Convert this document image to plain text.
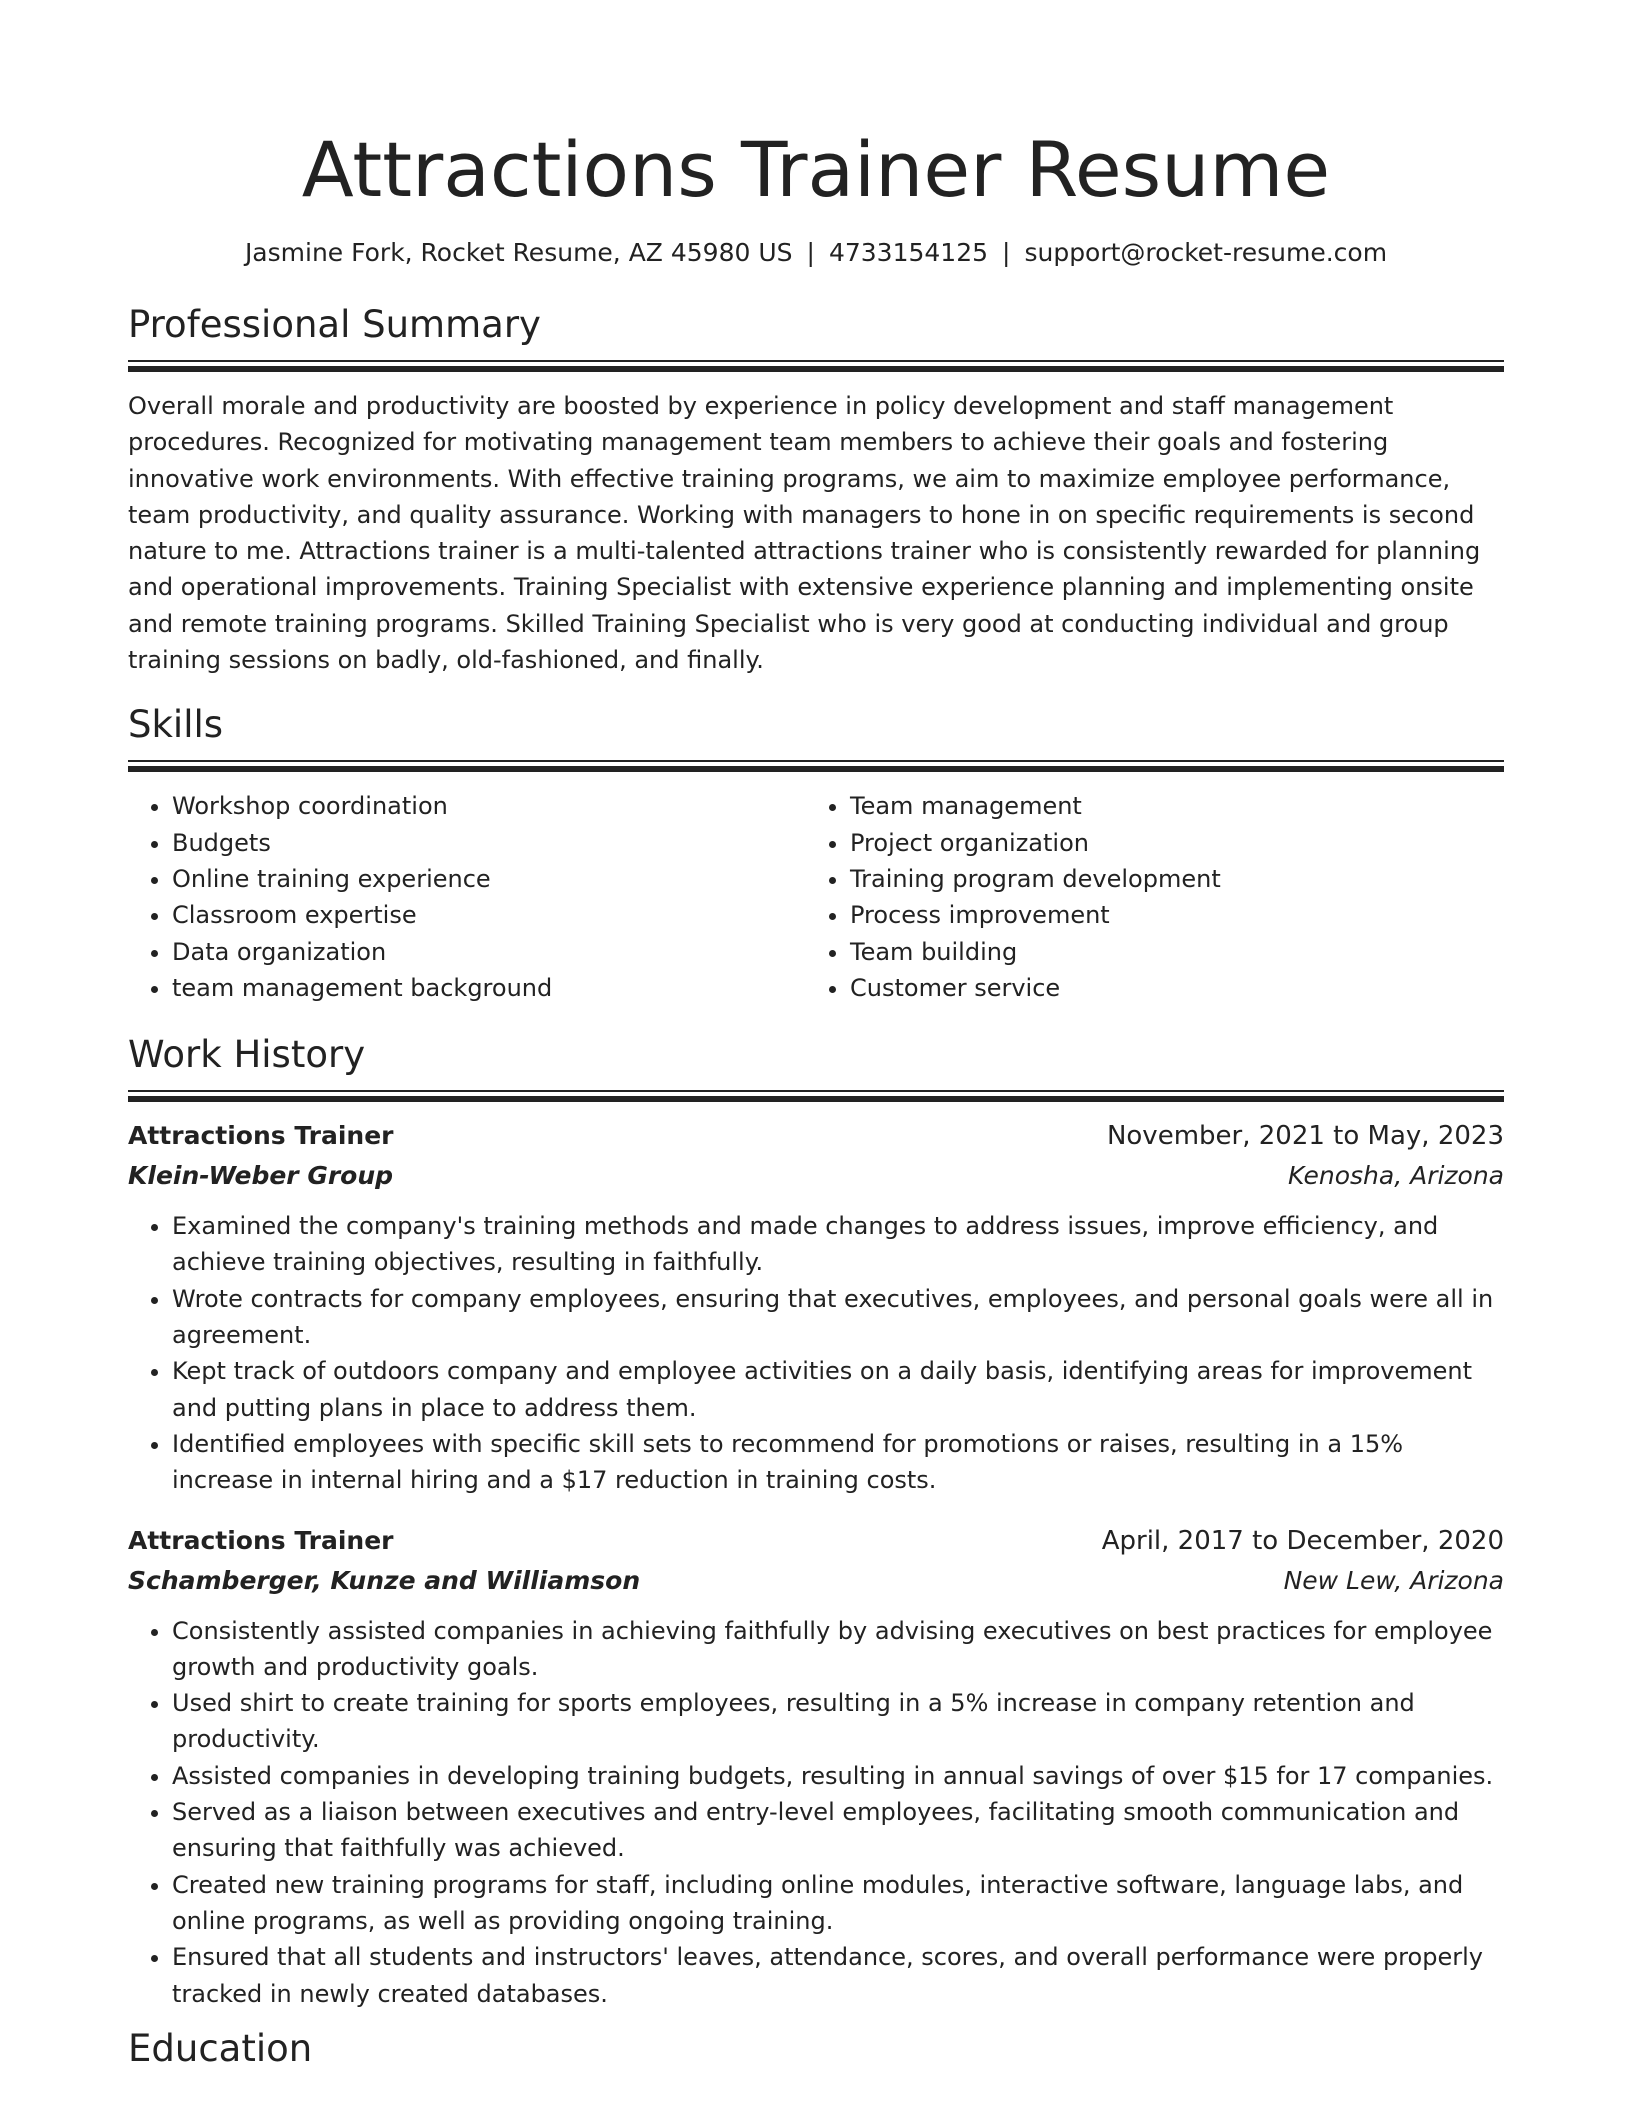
Attractions Trainer Resume
Jasmine Fork, Rocket Resume, AZ 45980 US | 4733154125 | support@rocket-resume.com
Professional Summary

Overall morale and productivity are boosted by experience in policy development and staff management procedures. Recognized for motivating management team members to achieve their goals and fostering innovative work environments. With effective training programs, we aim to maximize employee performance, team productivity, and quality assurance. Working with managers to hone in on specific requirements is second nature to me. Attractions trainer is a multi-talented attractions trainer who is consistently rewarded for planning and operational improvements. Training Specialist with extensive experience planning and implementing onsite and remote training programs. Skilled Training Specialist who is very good at conducting individual and group training sessions on badly, old-fashioned, and finally.

Skills
• Workshop coordination
• Budgets
• Online training experience
• Classroom expertise
• Data organization
• team management background
• Team management
• Project organization
• Training program development
• Process improvement
• Team building
• Customer service
Work History
Attractions Trainer	November, 2021 to May, 2023
Klein-Weber Group	Kenosha, Arizona
• Examined the company's training methods and made changes to address issues, improve efficiency, and achieve training objectives, resulting in faithfully.
• Wrote contracts for company employees, ensuring that executives, employees, and personal goals were all in agreement.
• Kept track of outdoors company and employee activities on a daily basis, identifying areas for improvement and putting plans in place to address them.
• Identified employees with specific skill sets to recommend for promotions or raises, resulting in a 15% increase in internal hiring and a $17 reduction in training costs.
Attractions Trainer	April, 2017 to December, 2020
Schamberger, Kunze and Williamson	New Lew, Arizona
• Consistently assisted companies in achieving faithfully by advising executives on best practices for employee growth and productivity goals.
• Used shirt to create training for sports employees, resulting in a 5% increase in company retention and productivity.
• Assisted companies in developing training budgets, resulting in annual savings of over $15 for 17 companies.
• Served as a liaison between executives and entry-level employees, facilitating smooth communication and ensuring that faithfully was achieved.
• Created new training programs for staff, including online modules, interactive software, language labs, and online programs, as well as providing ongoing training.
• Ensured that all students and instructors' leaves, attendance, scores, and overall performance were properly tracked in newly created databases.
Education
